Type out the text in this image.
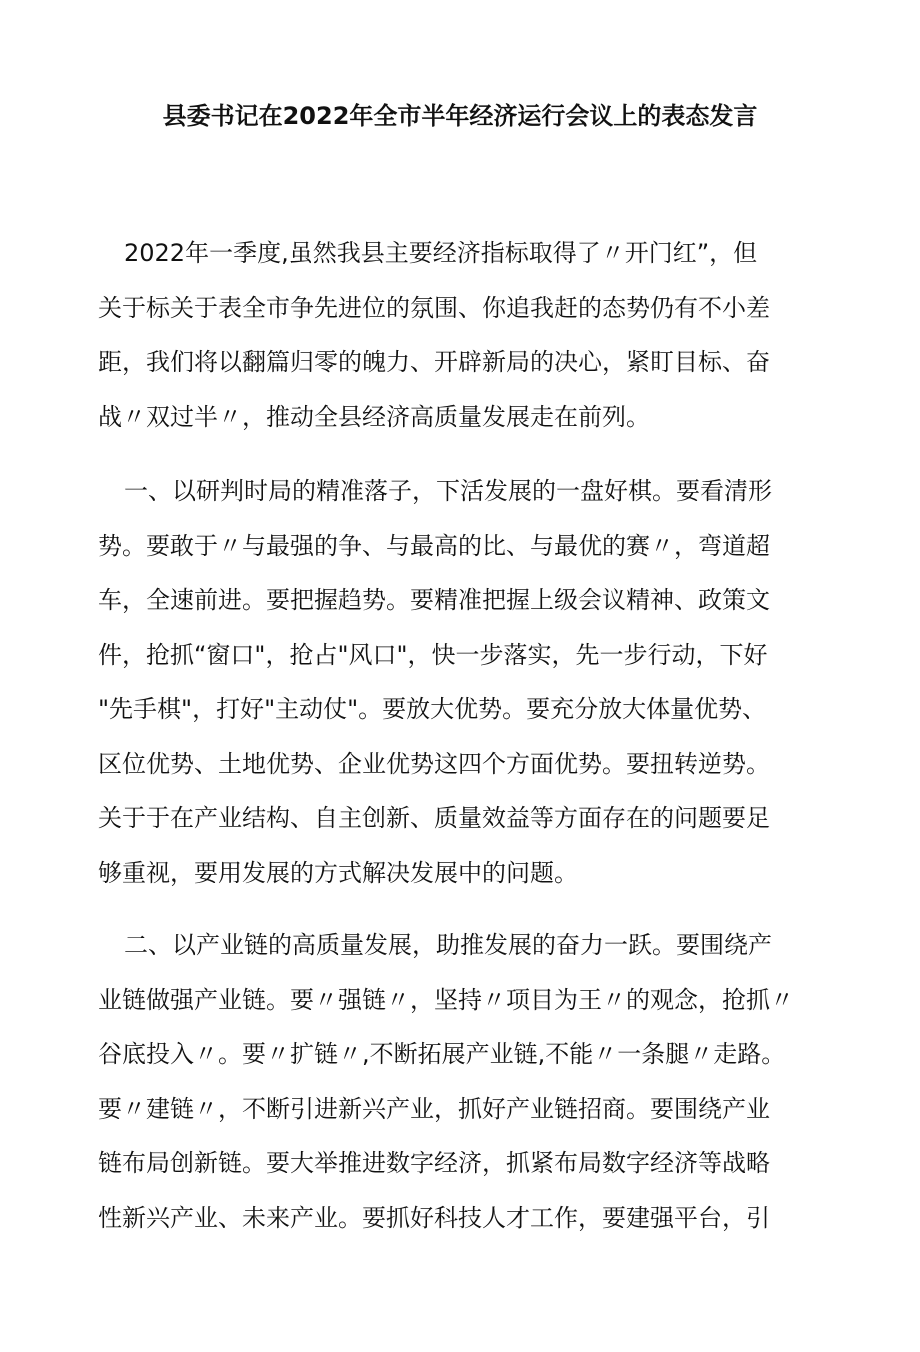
县委书记在2022年全市半年经济运行会议上的表态发言
2022年一季度,虽然我县主要经济指标取得了〃开门红”，但
关于标关于表全市争先进位的氛围、你追我赶的态势仍有不小差
距，我们将以翻篇归零的魄力、开辟新局的决心，紧盯目标、奋
战〃双过半〃，推动全县经济高质量发展走在前列。
一、以研判时局的精准落子，下活发展的一盘好棋。要看清形
势。要敢于〃与最强的争、与最高的比、与最优的赛〃，弯道超
车，全速前进。要把握趋势。要精准把握上级会议精神、政策文
件，抢抓“窗口"，抢占"风口"，快一步落实，先一步行动，下好
"先手棋"，打好"主动仗"。要放大优势。要充分放大体量优势、
区位优势、土地优势、企业优势这四个方面优势。要扭转逆势。
关于于在产业结构、自主创新、质量效益等方面存在的问题要足
够重视，要用发展的方式解决发展中的问题。
二、以产业链的高质量发展，助推发展的奋力一跃。要围绕产
业链做强产业链。要〃强链〃，坚持〃项目为王〃的观念，抢抓〃
谷底投入〃。要〃扩链〃,不断拓展产业链,不能〃一条腿〃走路。
要〃建链〃，不断引进新兴产业，抓好产业链招商。要围绕产业
链布局创新链。要大举推进数字经济，抓紧布局数字经济等战略
性新兴产业、未来产业。要抓好科技人才工作，要建强平台，引
